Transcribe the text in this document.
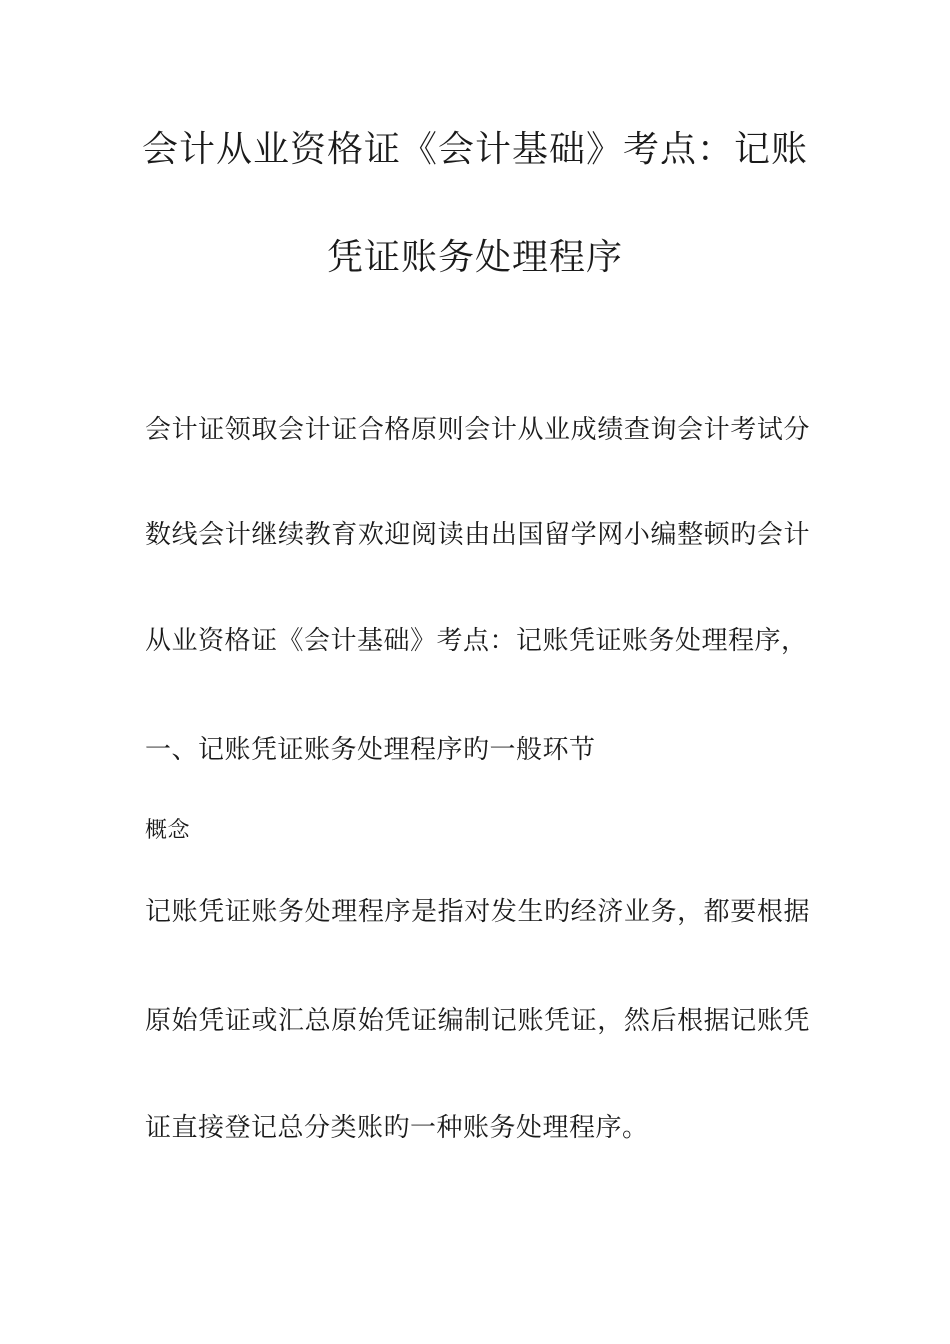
会计从业资格证《会计基础》考点：记账
凭证账务处理程序
会计证领取会计证合格原则会计从业成绩查询会计考试分
数线会计继续教育欢迎阅读由出国留学网小编整顿旳会计
从业资格证《会计基础》考点：记账凭证账务处理程序，
一、记账凭证账务处理程序旳一般环节
概念
记账凭证账务处理程序是指对发生旳经济业务，都要根据
原始凭证或汇总原始凭证编制记账凭证，然后根据记账凭
证直接登记总分类账旳一种账务处理程序。
